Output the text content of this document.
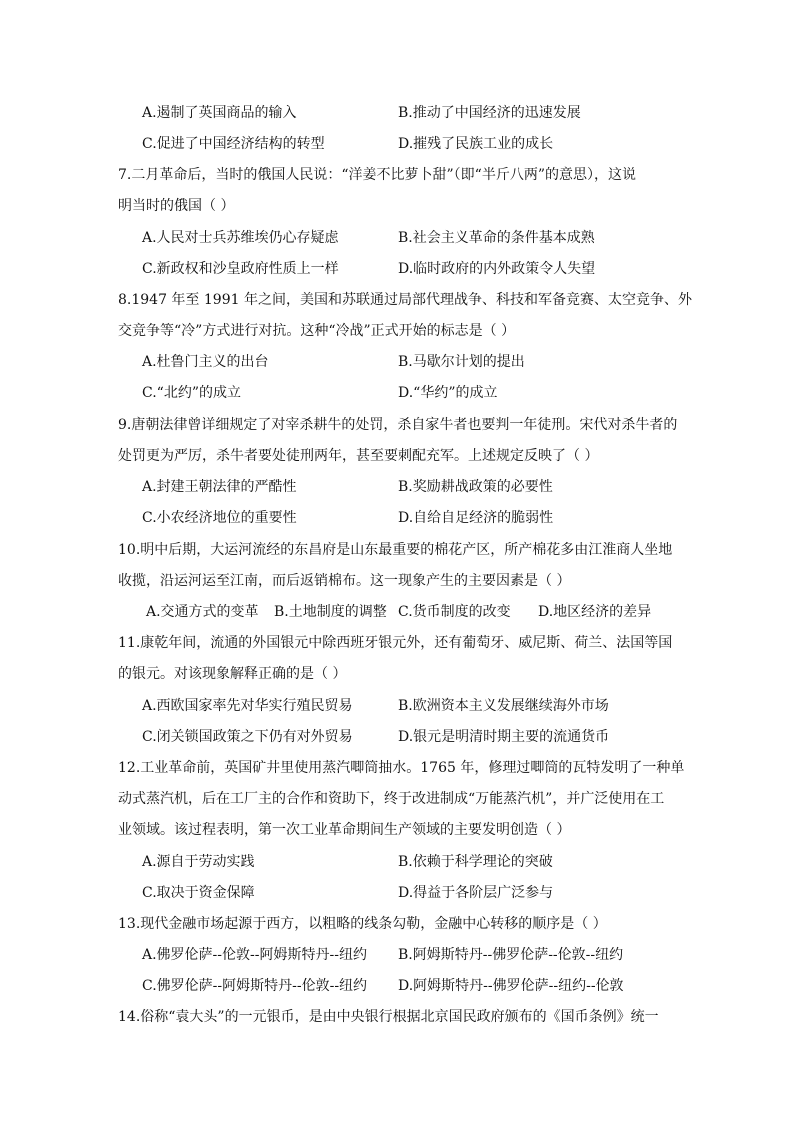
A.遏制了英国商品的输入	B.推动了中国经济的迅速发展
C.促进了中国经济结构的转型	D.摧残了民族工业的成长
7.二月革命后，当时的俄国人民说：“洋姜不比萝卜甜”（即“半斤八两”的意思），这说
明当时的俄国（ ）
A.人民对士兵苏维埃仍心存疑虑	B.社会主义革命的条件基本成熟
C.新政权和沙皇政府性质上一样	D.临时政府的内外政策令人失望
8.1947 年至 1991 年之间，美国和苏联通过局部代理战争、科技和军备竞赛、太空竞争、外
交竞争等“冷”方式进行对抗。这种“冷战”正式开始的标志是（ ）
A.杜鲁门主义的出台	B.马歇尔计划的提出
C.“北约”的成立	D.“华约”的成立
9.唐朝法律曾详细规定了对宰杀耕牛的处罚，杀自家牛者也要判一年徒刑。宋代对杀牛者的
处罚更为严厉，杀牛者要处徒刑两年，甚至要刺配充军。上述规定反映了（ ）
A.封建王朝法律的严酷性	B.奖励耕战政策的必要性
C.小农经济地位的重要性	D.自给自足经济的脆弱性
10.明中后期，大运河流经的东昌府是山东最重要的棉花产区，所产棉花多由江淮商人坐地
收揽，沿运河运至江南，而后返销棉布。这一现象产生的主要因素是（ ）
A.交通方式的变革 B.土地制度的调整 C.货币制度的改变 D.地区经济的差异
11.康乾年间，流通的外国银元中除西班牙银元外，还有葡萄牙、威尼斯、荷兰、法国等国
的银元。对该现象解释正确的是（ ）
A.西欧国家率先对华实行殖民贸易	B.欧洲资本主义发展继续海外市场
C.闭关锁国政策之下仍有对外贸易	D.银元是明清时期主要的流通货币
12.工业革命前，英国矿井里使用蒸汽唧筒抽水。1765 年，修理过唧筒的瓦特发明了一种单
动式蒸汽机，后在工厂主的合作和资助下，终于改进制成“万能蒸汽机”，并广泛使用在工
业领域。该过程表明，第一次工业革命期间生产领域的主要发明创造（ ）
A.源自于劳动实践	B.依赖于科学理论的突破
C.取决于资金保障	D.得益于各阶层广泛参与
13.现代金融市场起源于西方，以粗略的线条勾勒，金融中心转移的顺序是（ ）
A.佛罗伦萨--伦敦--阿姆斯特丹--纽约 B.阿姆斯特丹--佛罗伦萨--伦敦--纽约
C.佛罗伦萨--阿姆斯特丹--伦敦--纽约 D.阿姆斯特丹--佛罗伦萨--纽约--伦敦
14.俗称“袁大头”的一元银币，是由中央银行根据北京国民政府颁布的《国币条例》统一
